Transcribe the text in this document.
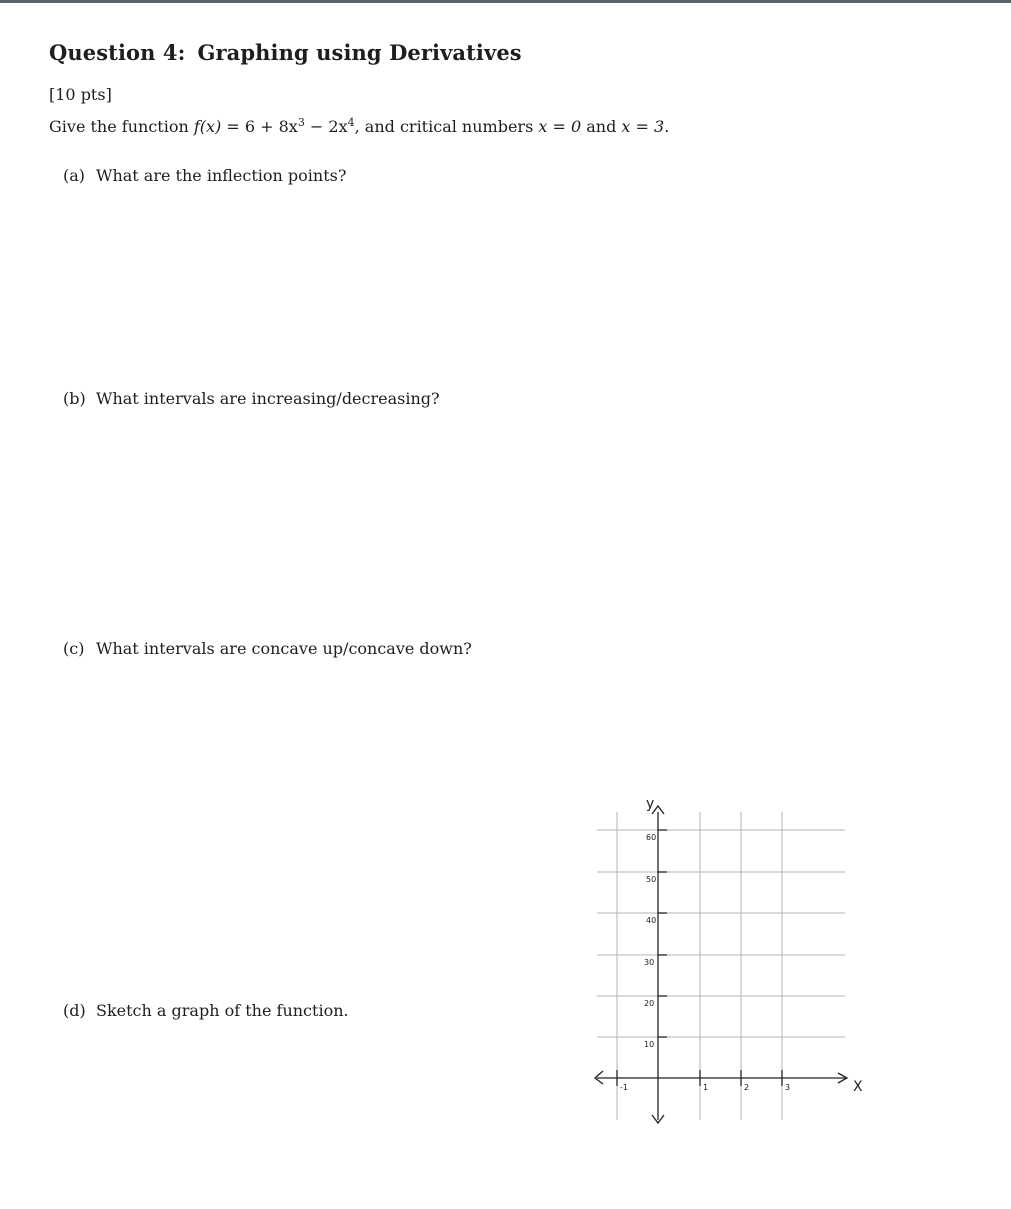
Question 4: Graphing using Derivatives
[10 pts]
Give the function $f(x) = 6 + 8x^3 - 2x^4$, and critical numbers x = 0 and x = 3.
(a) What are the inflection points?
(b) What intervals are increasing/decreasing?
(c) What intervals are concave up/concave down?
(d) Sketch a graph of the function.
y
X
60
50
40
30
20
10
-1	1	2	3
